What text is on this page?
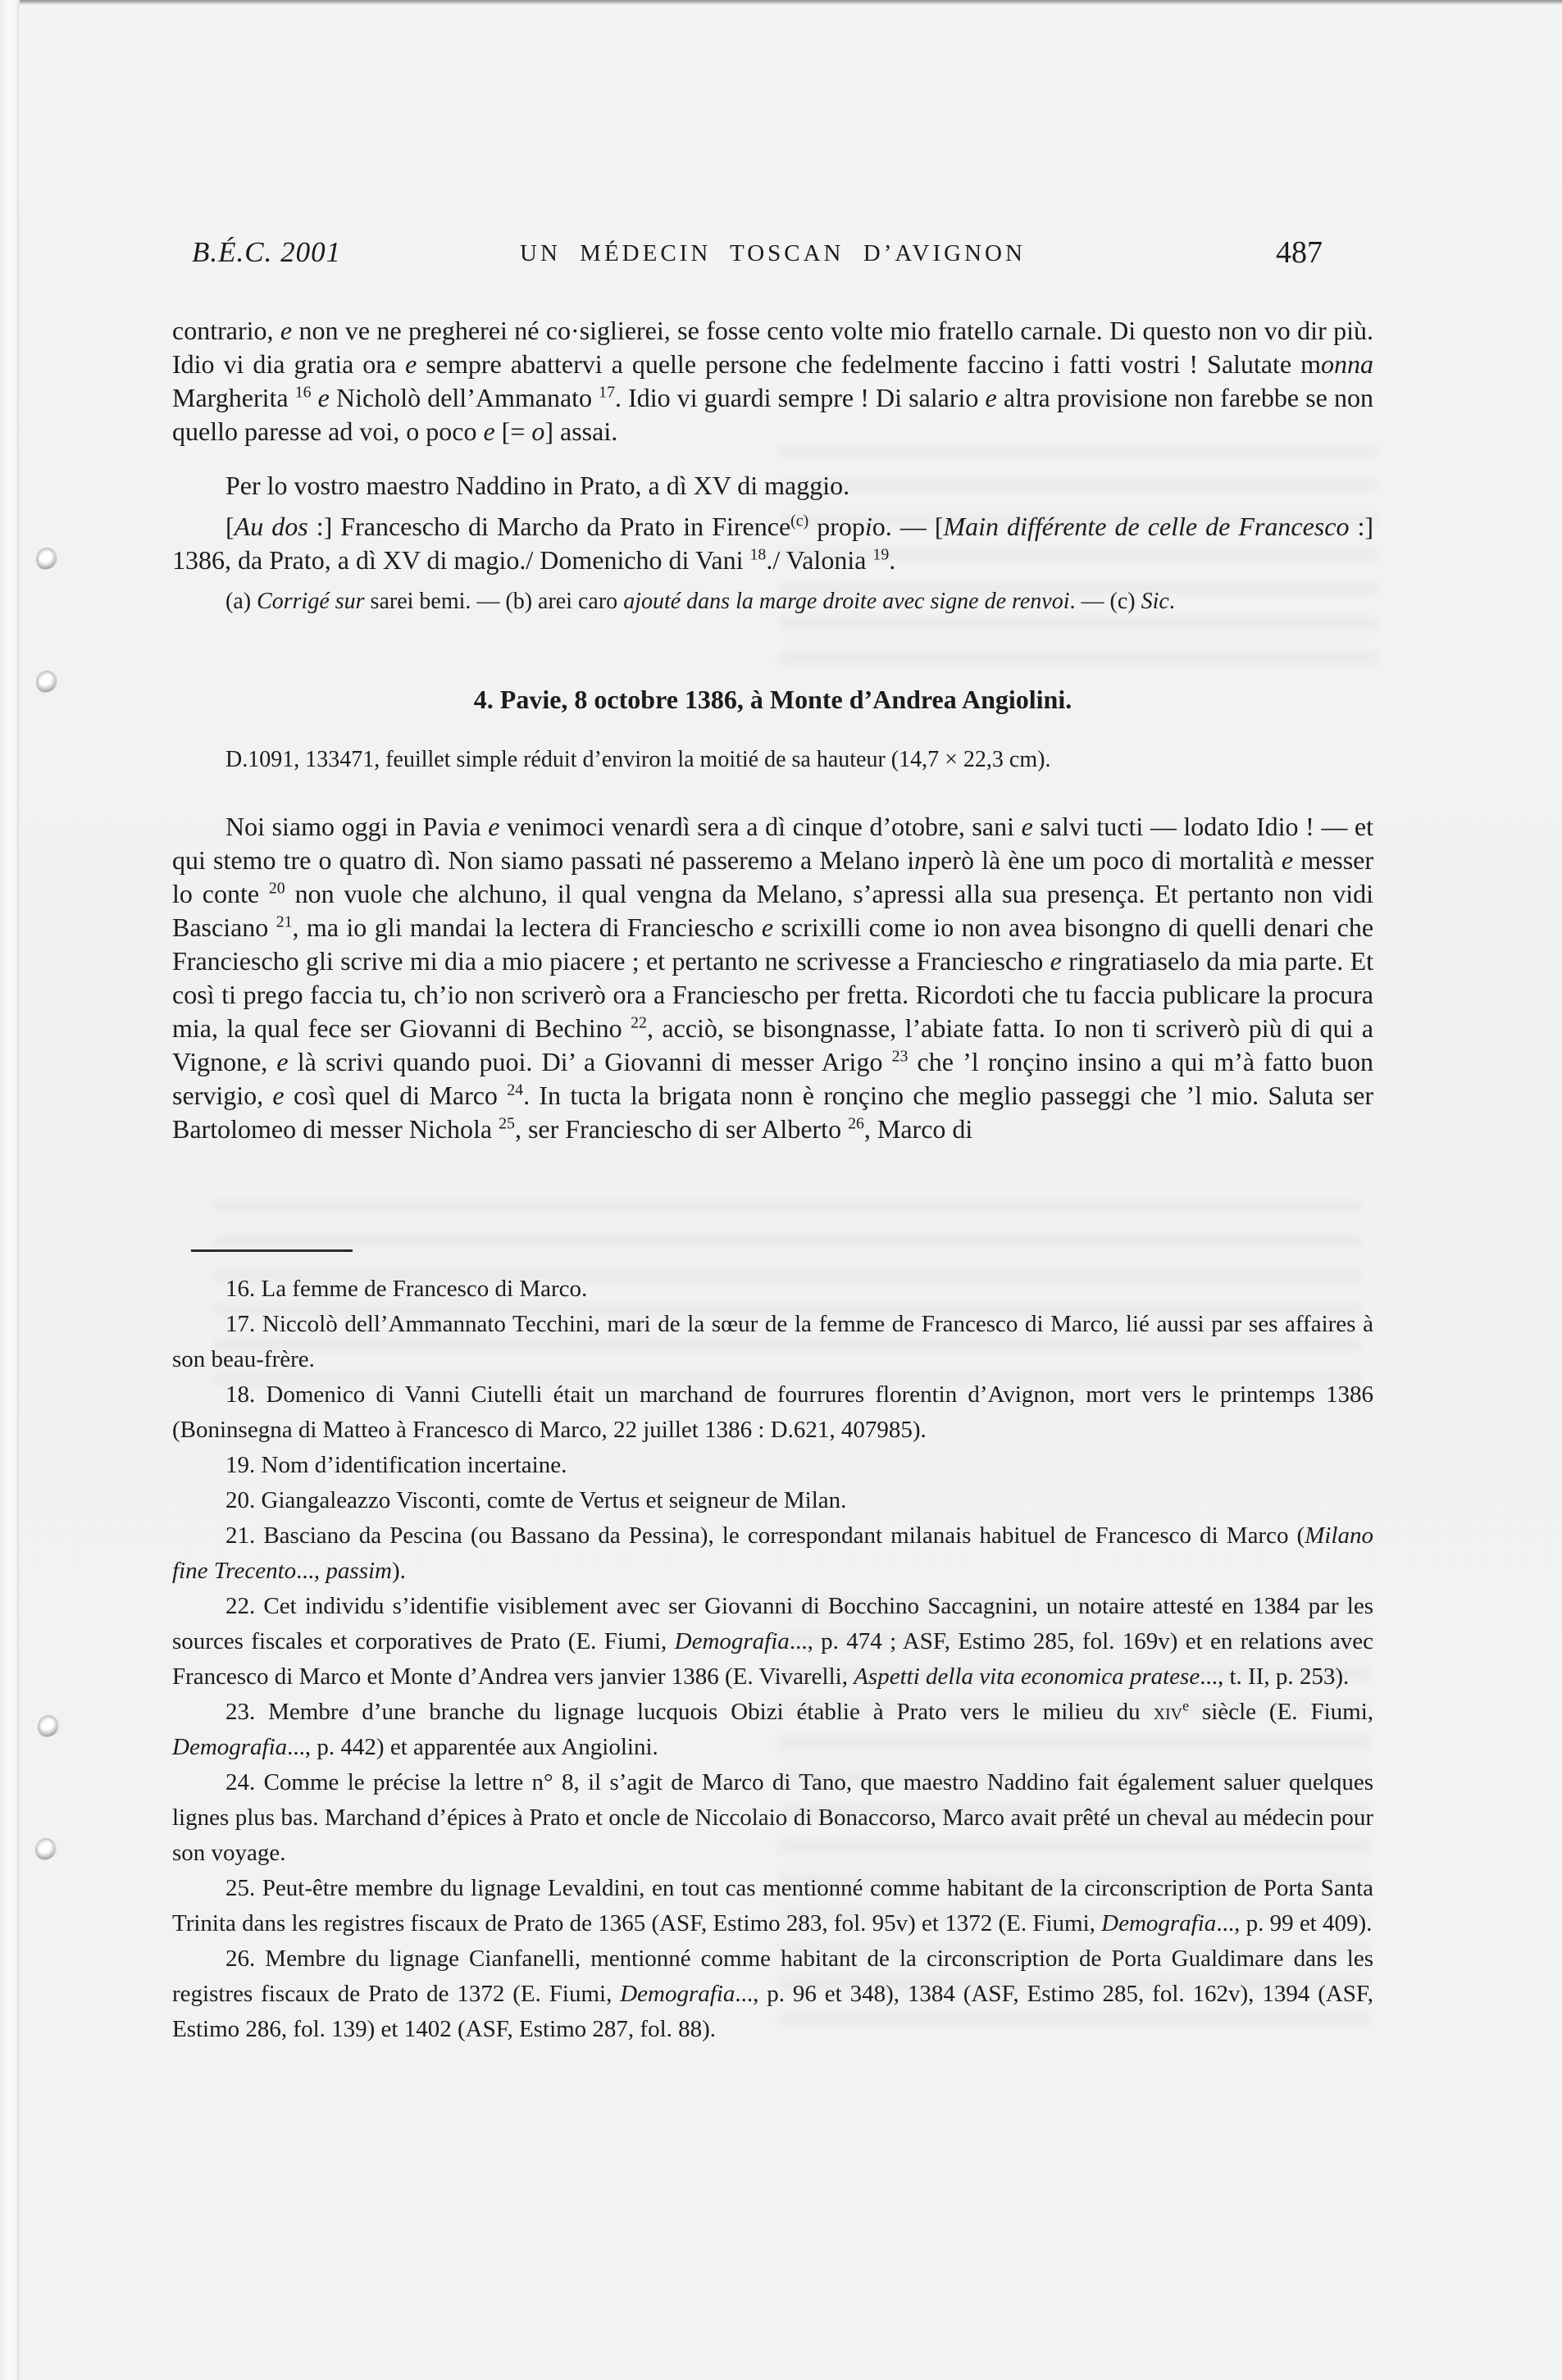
B.É.C. 2001	UN MÉDECIN TOSCAN D’AVIGNON	487

contrario, e non ve ne pregherei né co·siglierei, se fosse cento volte mio fratello carnale. Di questo non vo dir più. Idio vi dia gratia ora e sempre abattervi a quelle persone che fedelmente faccino i fatti vostri ! Salutate monna Margherita $^{16}$ e Nicholò dell’Ammanato $^{17}$. Idio vi guardi sempre ! Di salario e altra provisione non farebbe se non quello paresse ad voi, o poco e [= o] assai.

Per lo vostro maestro Naddino in Prato, a dì XV di maggio.

[Au dos :] Francescho di Marcho da Prato in Firence$^{(c)}$ propio. — [Main différente de celle de Francesco :] 1386, da Prato, a dì XV di magio./ Domenicho di Vani $^{18}$./ Valonia $^{19}$.

(a) Corrigé sur sarei bemi. — (b) arei caro ajouté dans la marge droite avec signe de renvoi. — (c) Sic.

4. Pavie, 8 octobre 1386, à Monte d’Andrea Angiolini.

D.1091, 133471, feuillet simple réduit d’environ la moitié de sa hauteur (14,7 × 22,3 cm).

Noi siamo oggi in Pavia e venimoci venardì sera a dì cinque d’otobre, sani e salvi tucti — lodato Idio ! — et qui stemo tre o quatro dì. Non siamo passati né passeremo a Melano inperò là ène um poco di mortalità e messer lo conte $^{20}$ non vuole che alchuno, il qual vengna da Melano, s’apressi alla sua presença. Et pertanto non vidi Basciano $^{21}$, ma io gli mandai la lectera di Franciescho e scrixilli come io non avea bisongno di quelli denari che Franciescho gli scrive mi dia a mio piacere ; et pertanto ne scrivesse a Franciescho e ringratiaselo da mia parte. Et così ti prego faccia tu, ch’io non scriverò ora a Franciescho per fretta. Ricordoti che tu faccia publicare la procura mia, la qual fece ser Giovanni di Bechino $^{22}$, acciò, se bisongnasse, l’abiate fatta. Io non ti scriverò più di qui a Vignone, e là scrivi quando puoi. Di’ a Giovanni di messer Arigo $^{23}$ che ’l ronçino insino a qui m’à fatto buon servigio, e così quel di Marco $^{24}$. In tucta la brigata nonn è ronçino che meglio passeggi che ’l mio. Saluta ser Bartolomeo di messer Nichola $^{25}$, ser Franciescho di ser Alberto $^{26}$, Marco di

16. La femme de Francesco di Marco.

17. Niccolò dell’Ammannato Tecchini, mari de la sœur de la femme de Francesco di Marco, lié aussi par ses affaires à son beau-frère.

18. Domenico di Vanni Ciutelli était un marchand de fourrures florentin d’Avignon, mort vers le printemps 1386 (Boninsegna di Matteo à Francesco di Marco, 22 juillet 1386 : D.621, 407985).

19. Nom d’identification incertaine.

20. Giangaleazzo Visconti, comte de Vertus et seigneur de Milan.

21. Basciano da Pescina (ou Bassano da Pessina), le correspondant milanais habituel de Francesco di Marco (Milano fine Trecento..., passim).

22. Cet individu s’identifie visiblement avec ser Giovanni di Bocchino Saccagnini, un notaire attesté en 1384 par les sources fiscales et corporatives de Prato (E. Fiumi, Demografia..., p. 474 ; ASF, Estimo 285, fol. 169v) et en relations avec Francesco di Marco et Monte d’Andrea vers janvier 1386 (E. Vivarelli, Aspetti della vita economica pratese..., t. II, p. 253).

23. Membre d’une branche du lignage lucquois Obizi établie à Prato vers le milieu du xiv$^e$ siècle (E. Fiumi, Demografia..., p. 442) et apparentée aux Angiolini.

24. Comme le précise la lettre n° 8, il s’agit de Marco di Tano, que maestro Naddino fait également saluer quelques lignes plus bas. Marchand d’épices à Prato et oncle de Niccolaio di Bonaccorso, Marco avait prêté un cheval au médecin pour son voyage.

25. Peut-être membre du lignage Levaldini, en tout cas mentionné comme habitant de la circonscription de Porta Santa Trinita dans les registres fiscaux de Prato de 1365 (ASF, Estimo 283, fol. 95v) et 1372 (E. Fiumi, Demografia..., p. 99 et 409).

26. Membre du lignage Cianfanelli, mentionné comme habitant de la circonscription de Porta Gualdimare dans les registres fiscaux de Prato de 1372 (E. Fiumi, Demografia..., p. 96 et 348), 1384 (ASF, Estimo 285, fol. 162v), 1394 (ASF, Estimo 286, fol. 139) et 1402 (ASF, Estimo 287, fol. 88).
